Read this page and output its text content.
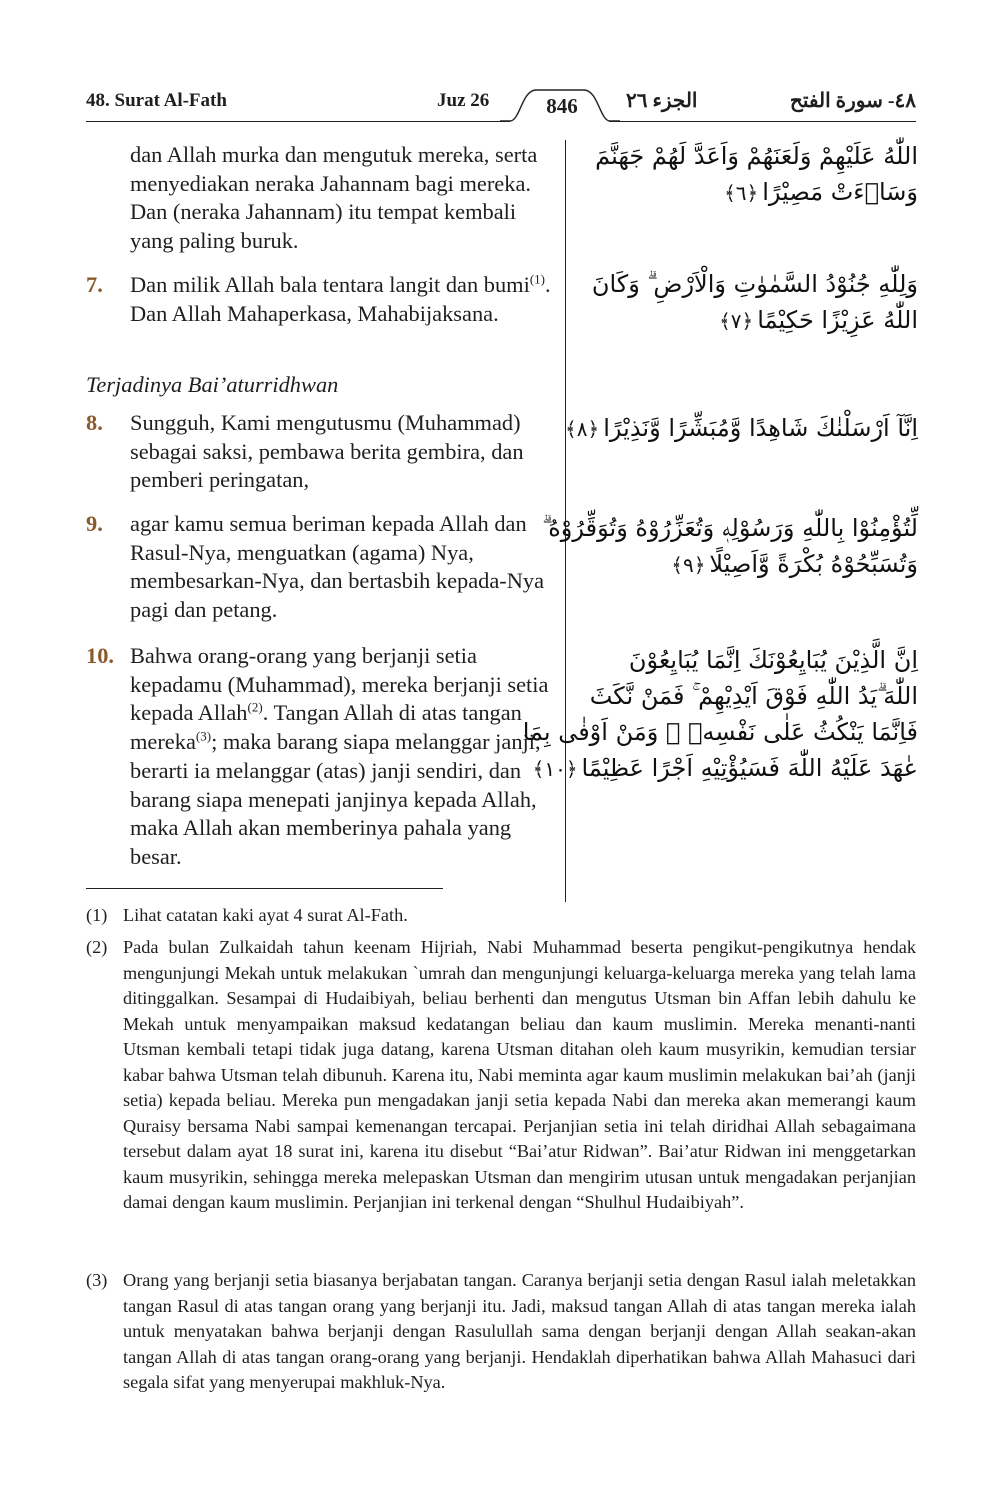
48. Surat Al-Fath	Juz 26	846	الجزء ٢٦	٤٨- سورة الفتح
dan Allah murka dan mengutuk mereka, serta menyediakan neraka Jahannam bagi mereka. Dan (neraka Jahannam) itu tempat kembali yang paling buruk.
7. Dan milik Allah bala tentara langit dan bumi$^{(1)}$. Dan Allah Mahaperkasa, Mahabijaksana.
Terjadinya Bai’aturridhwan
8. Sungguh, Kami mengutusmu (Muhammad) sebagai saksi, pembawa berita gembira, dan pemberi peringatan,
9. agar kamu semua beriman kepada Allah dan Rasul-Nya, menguatkan (agama) Nya, membesarkan-Nya, dan bertasbih kepada-Nya pagi dan petang.
10. Bahwa orang-orang yang berjanji setia kepadamu (Muhammad), mereka berjanji setia kepada Allah$^{(2)}$. Tangan Allah di atas tangan mereka$^{(3)}$; maka barang siapa melanggar janji, berarti ia melanggar (atas) janji sendiri, dan barang siapa menepati janjinya kepada Allah, maka Allah akan memberinya pahala yang besar.
اللّٰهُ عَلَيْهِمْ وَلَعَنَهُمْ وَاَعَدَّ لَهُمْ جَهَنَّمَ
وَسَاۤءَتْ مَصِيْرًا﴿٦﴾
وَلِلّٰهِ جُنُوْدُ السَّمٰوٰتِ وَالْاَرْضِ ۗ وَكَانَ
اللّٰهُ عَزِيْزًا حَكِيْمًا﴿٧﴾
اِنَّآ اَرْسَلْنٰكَ شَاهِدًا وَّمُبَشِّرًا وَّنَذِيْرًا﴿٨﴾
لِّتُؤْمِنُوْا بِاللّٰهِ وَرَسُوْلِهٖ وَتُعَزِّرُوْهُ وَتُوَقِّرُوْهُ ۗ
وَتُسَبِّحُوْهُ بُكْرَةً وَّاَصِيْلًا﴿٩﴾
اِنَّ الَّذِيْنَ يُبَايِعُوْنَكَ اِنَّمَا يُبَايِعُوْنَ
اللّٰهَ ۗيَدُ اللّٰهِ فَوْقَ اَيْدِيْهِمْ ۚ فَمَنْ نَّكَثَ
فَاِنَّمَا يَنْكُثُ عَلٰى نَفْسِهٖ ۚ وَمَنْ اَوْفٰى بِمَا
عٰهَدَ عَلَيْهُ اللّٰهَ فَسَيُؤْتِيْهِ اَجْرًا عَظِيْمًا﴿١٠﴾
(1) Lihat catatan kaki ayat 4 surat Al-Fath.
(2) Pada bulan Zulkaidah tahun keenam Hijriah, Nabi Muhammad beserta pengikut-pengikutnya hendak mengunjungi Mekah untuk melakukan `umrah dan mengunjungi keluarga-keluarga mereka yang telah lama ditinggalkan. Sesampai di Hudaibiyah, beliau berhenti dan mengutus Utsman bin Affan lebih dahulu ke Mekah untuk menyampaikan maksud kedatangan beliau dan kaum muslimin. Mereka menanti-nanti Utsman kembali tetapi tidak juga datang, karena Utsman ditahan oleh kaum musyrikin, kemudian tersiar kabar bahwa Utsman telah dibunuh. Karena itu, Nabi meminta agar kaum muslimin melakukan bai’ah (janji setia) kepada beliau. Mereka pun mengadakan janji setia kepada Nabi dan mereka akan memerangi kaum Quraisy bersama Nabi sampai kemenangan tercapai. Perjanjian setia ini telah diridhai Allah sebagaimana tersebut dalam ayat 18 surat ini, karena itu disebut “Bai’atur Ridwan”. Bai’atur Ridwan ini menggetarkan kaum musyrikin, sehingga mereka melepaskan Utsman dan mengirim utusan untuk mengadakan perjanjian damai dengan kaum muslimin. Perjanjian ini terkenal dengan “Shulhul Hudaibiyah”.
(3) Orang yang berjanji setia biasanya berjabatan tangan. Caranya berjanji setia dengan Rasul ialah meletakkan tangan Rasul di atas tangan orang yang berjanji itu. Jadi, maksud tangan Allah di atas tangan mereka ialah untuk menyatakan bahwa berjanji dengan Rasulullah sama dengan berjanji dengan Allah seakan-akan tangan Allah di atas tangan orang-orang yang berjanji. Hendaklah diperhatikan bahwa Allah Mahasuci dari segala sifat yang menyerupai makhluk-Nya.
